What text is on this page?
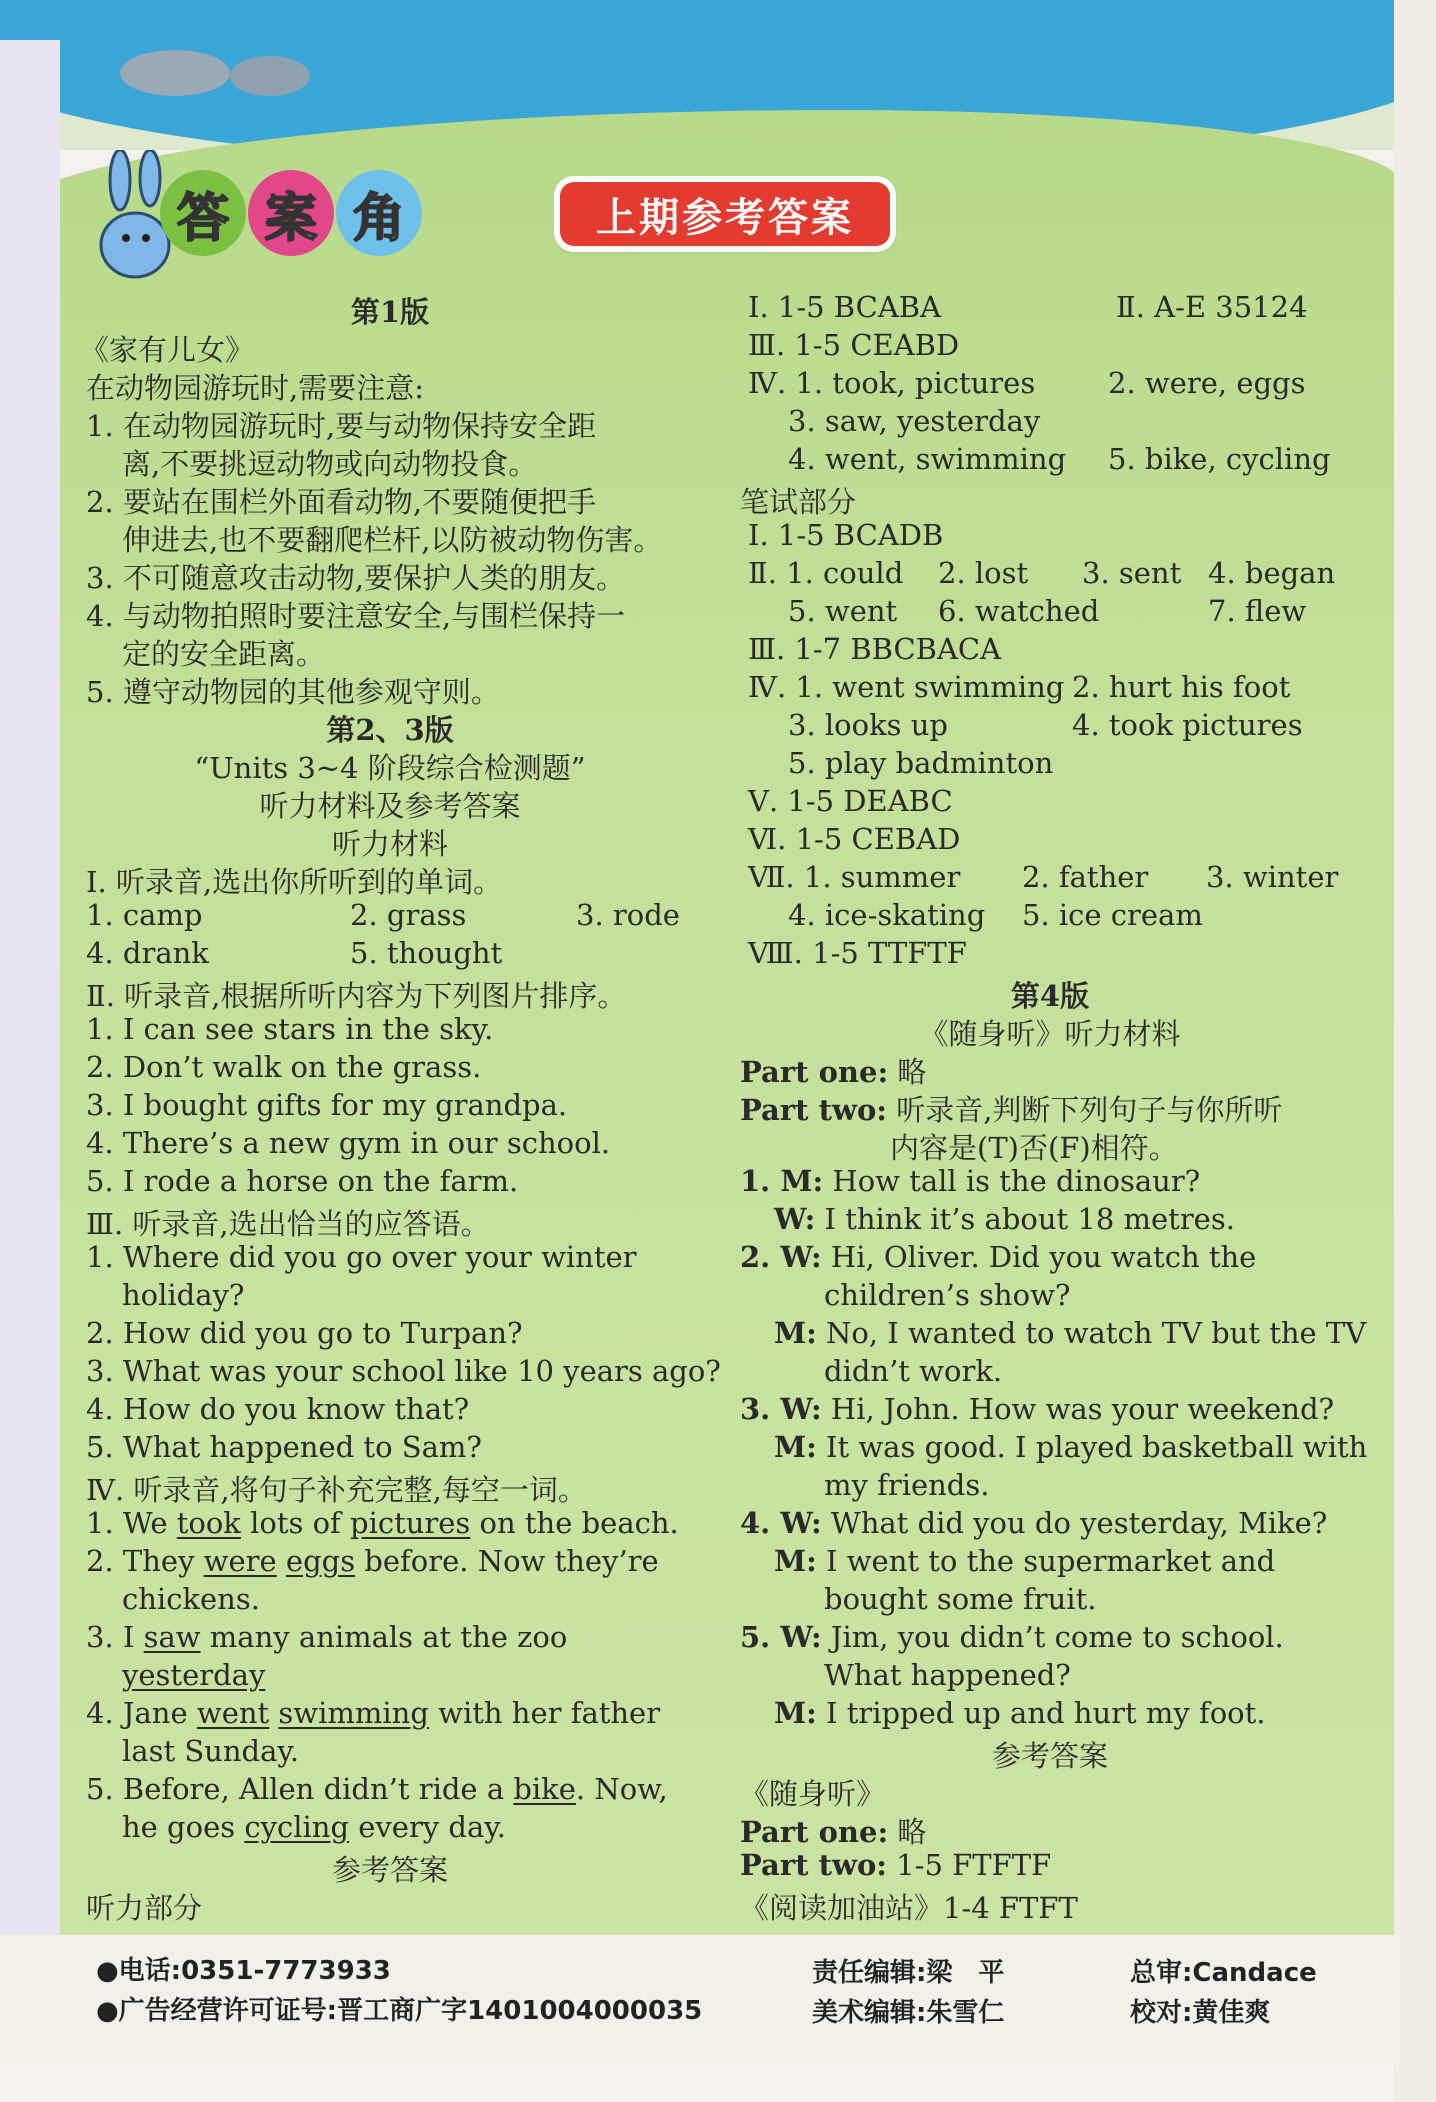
答 案 角	上期参考答案
第1版
《家有儿女》
在动物园游玩时,需要注意:
1. 在动物园游玩时,要与动物保持安全距
离,不要挑逗动物或向动物投食。
2. 要站在围栏外面看动物,不要随便把手
伸进去,也不要翻爬栏杆,以防被动物伤害。
3. 不可随意攻击动物,要保护人类的朋友。
4. 与动物拍照时要注意安全,与围栏保持一
定的安全距离。
5. 遵守动物园的其他参观守则。
第2、3版
“Units 3~4 阶段综合检测题”
听力材料及参考答案
听力材料
Ⅰ. 听录音,选出你所听到的单词。
1. camp	2. grass	3. rode
4. drank	5. thought
Ⅱ. 听录音,根据所听内容为下列图片排序。
1. I can see stars in the sky.
2. Don’t walk on the grass.
3. I bought gifts for my grandpa.
4. There’s a new gym in our school.
5. I rode a horse on the farm.
Ⅲ. 听录音,选出恰当的应答语。
1. Where did you go over your winter
holiday?
2. How did you go to Turpan?
3. What was your school like 10 years ago?
4. How do you know that?
5. What happened to Sam?
Ⅳ. 听录音,将句子补充完整,每空一词。
1. We took lots of pictures on the beach.
2. They were eggs before. Now they’re
chickens.
3. I saw many animals at the zoo
yesterday
4. Jane went swimming with her father
last Sunday.
5. Before, Allen didn’t ride a bike. Now,
he goes cycling every day.
参考答案
听力部分
Ⅰ. 1-5 BCABA	Ⅱ. A-E 35124
Ⅲ. 1-5 CEABD
Ⅳ. 1. took, pictures	2. were, eggs
3. saw, yesterday
4. went, swimming 5. bike, cycling
笔试部分
Ⅰ. 1-5 BCADB
Ⅱ. 1. could 2. lost 3. sent 4. began
5. went 6. watched	7. flew
Ⅲ. 1-7 BBCBACA
Ⅳ. 1. went swimming 2. hurt his foot
3. looks up	4. took pictures
5. play badminton
Ⅴ. 1-5 DEABC
Ⅵ. 1-5 CEBAD
Ⅶ. 1. summer 2. father 3. winter
4. ice-skating 5. ice cream
Ⅷ. 1-5 TTFTF
第4版
《随身听》听力材料
Part one: 略
Part two: 听录音,判断下列句子与你所听
内容是(T)否(F)相符。
1. M: How tall is the dinosaur?
W: I think it’s about 18 metres.
2. W: Hi, Oliver. Did you watch the
children’s show?
M: No, I wanted to watch TV but the TV
didn’t work.
3. W: Hi, John. How was your weekend?
M: It was good. I played basketball with
my friends.
4. W: What did you do yesterday, Mike?
M: I went to the supermarket and
bought some fruit.
5. W: Jim, you didn’t come to school.
What happened?
M: I tripped up and hurt my foot.
参考答案
《随身听》
Part one: 略
Part two: 1-5 FTFTF
《阅读加油站》1-4 FTFT
●电话:0351-7773933
●广告经营许可证号:晋工商广字1401004000035
责任编辑:梁　平	总审:Candace
美术编辑:朱雪仁	校对:黄佳爽
